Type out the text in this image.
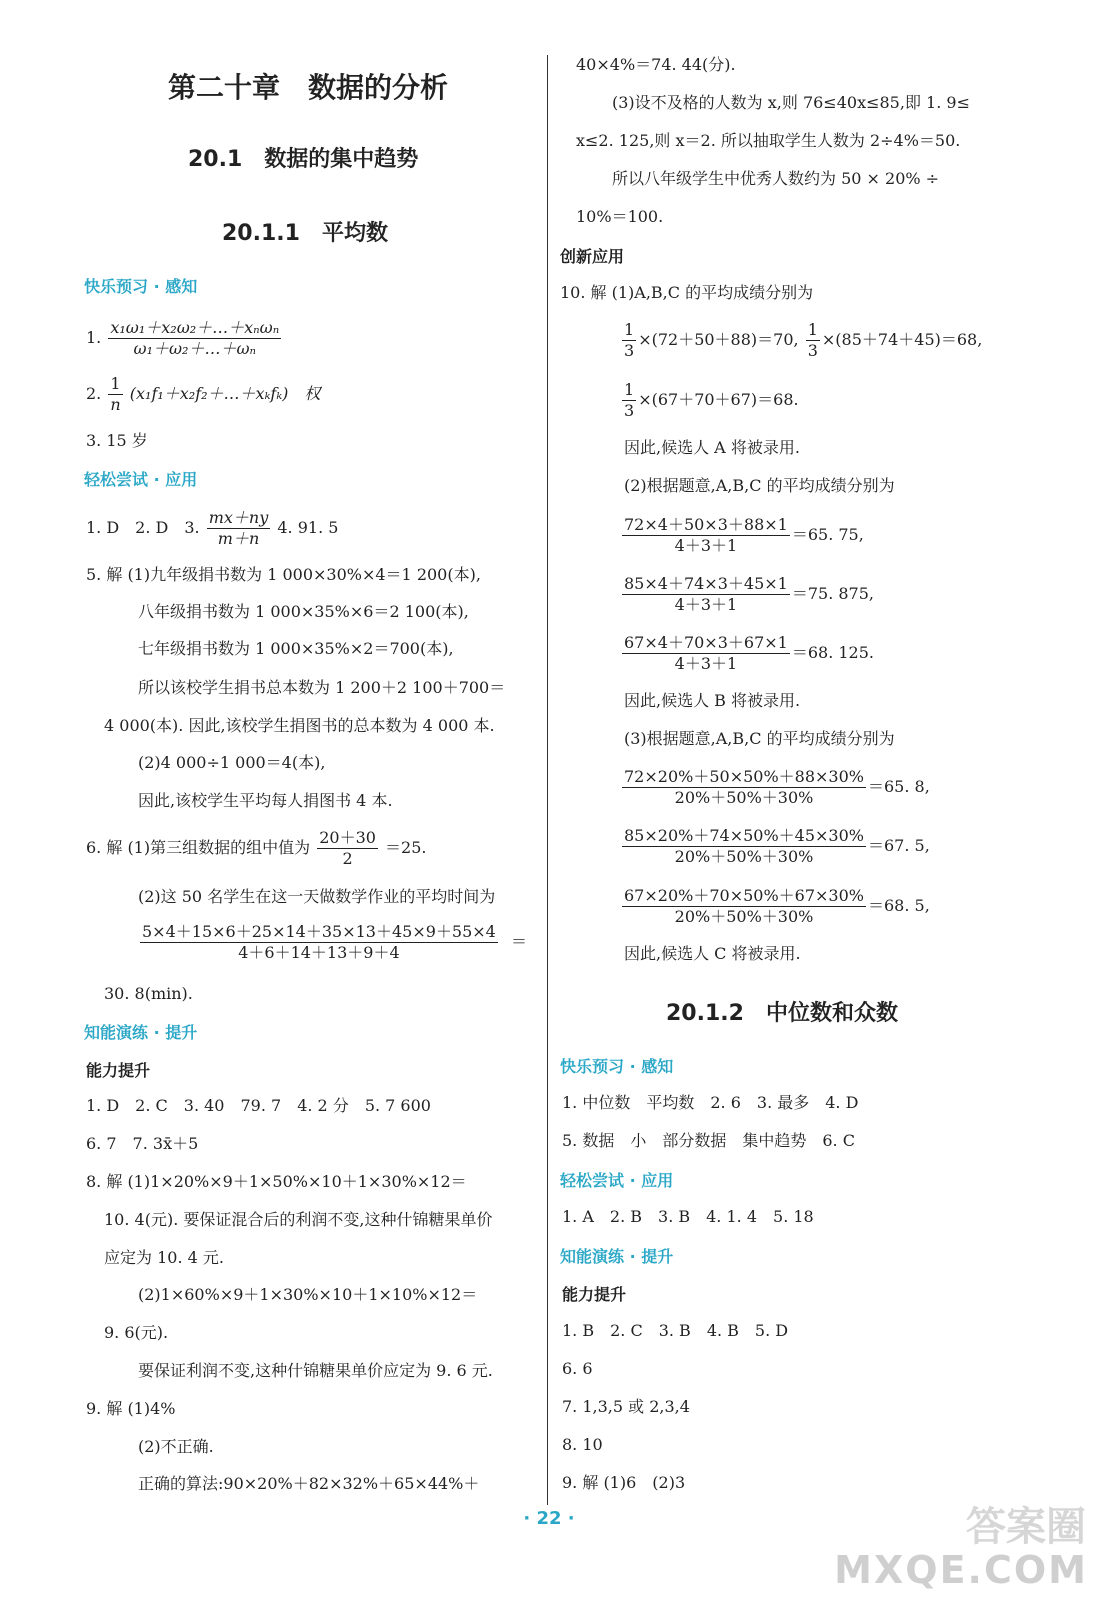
第二十章　数据的分析
20.1　数据的集中趋势
20.1.1　平均数
快乐预习 · 感知
1. $\frac{\text{x₁ω₁＋x₂ω₂＋…＋xₙωₙ}}{\text{ω₁＋ω₂＋…＋ωₙ}}$
2. $\frac{1}{n}$ (x₁f₁＋x₂f₂＋…＋xₖfₖ)　权
3. 15 岁
轻松尝试 · 应用
1. D　2. D　3. $\frac{mx+ny}{m+n} 4$. 91. 5
5. 解 (1)九年级捐书数为 1 000×30%×4＝1 200(本),
八年级捐书数为 1 000×35%×6＝2 100(本),
七年级捐书数为 1 000×35%×2＝700(本),
所以该校学生捐书总本数为 1 200＋2 100＋700＝
4 000(本). 因此,该校学生捐图书的总本数为 4 000 本.
(2)4 000÷1 000＝4(本),
因此,该校学生平均每人捐图书 4 本.
6. 解 (1)第三组数据的组中值为 $\frac{20+30}{2} =25$.
(2)这 50 名学生在这一天做数学作业的平均时间为
$\frac{5\times 4+15\times 6+25\times 14+35\times 13+45\times 9+55\times 4}{4+6+14+13+9+4}$ ＝
30. 8(min).
知能演练 · 提升
能力提升
1. D　2. C　3. 40　79. 7　4. 2 分　5. 7 600
6. 7　7. 3x̄＋5
8. 解 (1)1×20%×9＋1×50%×10＋1×30%×12＝
10. 4(元). 要保证混合后的利润不变,这种什锦糖果单价
应定为 10. 4 元.
(2)1×60%×9＋1×30%×10＋1×10%×12＝
9. 6(元).
要保证利润不变,这种什锦糖果单价应定为 9. 6 元.
9. 解 (1)4%
(2)不正确.
正确的算法:90×20%＋82×32%＋65×44%＋
40×4%＝74. 44(分).
(3)设不及格的人数为 x,则 76≤40x≤85,即 1. 9≤
x≤2. 125,则 x＝2. 所以抽取学生人数为 2÷4%＝50.
所以八年级学生中优秀人数约为 50 × 20% ÷
10%＝100.
创新应用
10. 解 (1)A,B,C 的平均成绩分别为
$\frac{1}{3} \times(72+50+88)=70$, $\frac{1}{3} \times(85+74+45)=68$,
$\frac{1}{3} \times(67+70+67)=68$.
因此,候选人 A 将被录用.
(2)根据题意,A,B,C 的平均成绩分别为
$\frac{72\times 4+50\times 3+88\times 1}{4+3+1} =65$. 75,
$\frac{85\times 4+74\times 3+45\times 1}{4+3+1} =75$. 875,
$\frac{67\times 4+70\times 3+67\times 1}{4+3+1} =68$. 125.
因此,候选人 B 将被录用.
(3)根据题意,A,B,C 的平均成绩分别为
$\frac{72\times 20\%+50\times 50\%+88\times 30\%}{20\%+50\%+30\%} =65$. 8,
$\frac{85\times 20\%+74\times 50\%+45\times 30\%}{20\%+50\%+30\%} =67$. 5,
$\frac{67\times 20\%+70\times 50\%+67\times 30\%}{20\%+50\%+30\%} =68$. 5,
因此,候选人 C 将被录用.
20.1.2　中位数和众数
快乐预习 · 感知
1. 中位数　平均数　2. 6　3. 最多　4. D
5. 数据　小　部分数据　集中趋势　6. C
轻松尝试 · 应用
1. A　2. B　3. B　4. 1. 4　5. 18
知能演练 · 提升
能力提升
1. B　2. C　3. B　4. B　5. D
6. 6
7. 1,3,5 或 2,3,4
8. 10
9. 解 (1)6　(2)3
· 22 ·	答案圈
MXQE.COM
